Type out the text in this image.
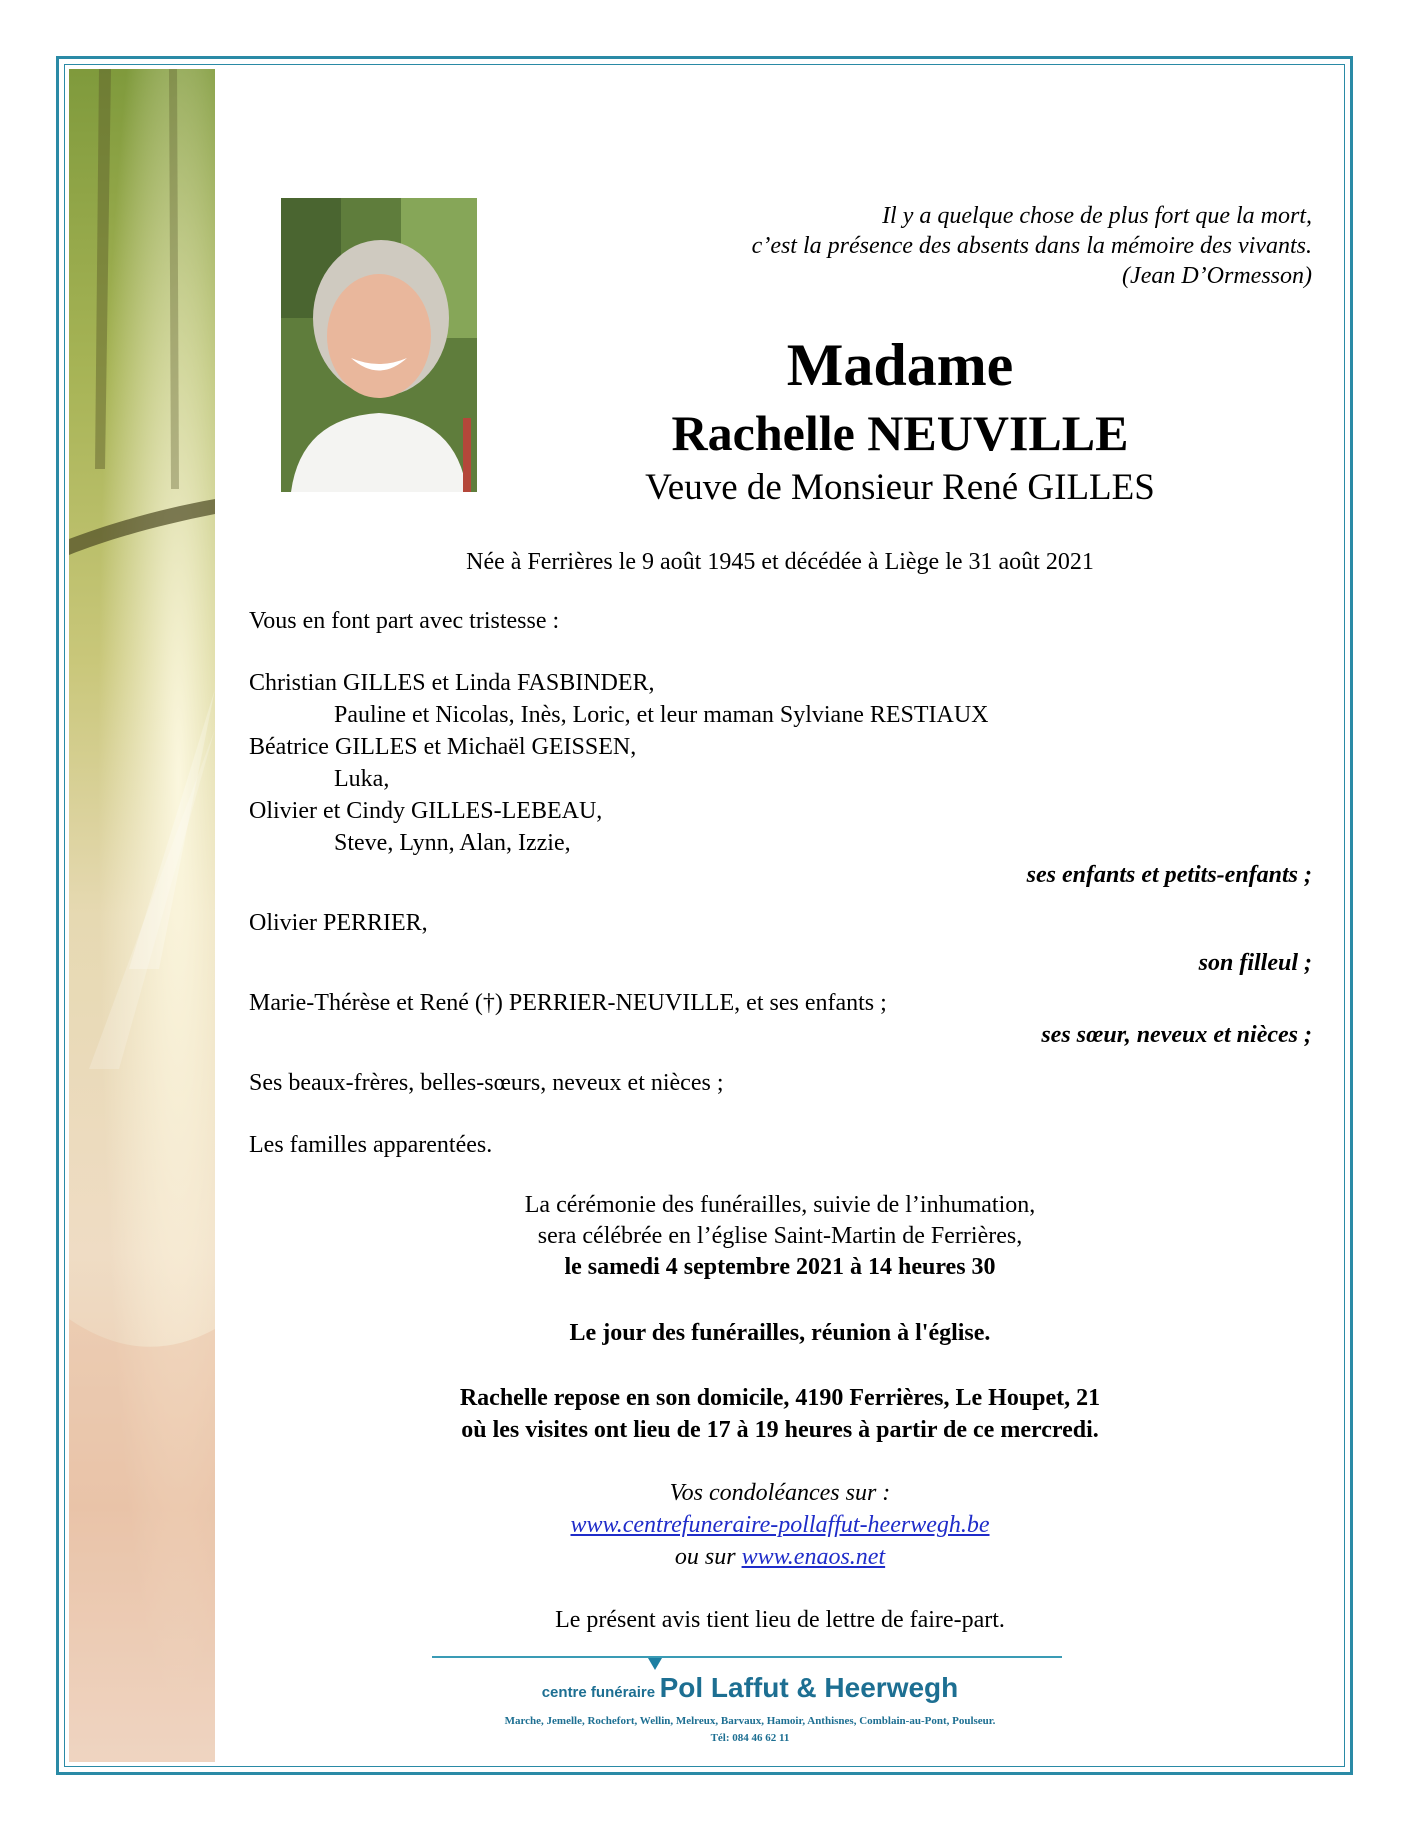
Il y a quelque chose de plus fort que la mort,
c’est la présence des absents dans la mémoire des vivants.
(Jean D’Ormesson)
Madame
Rachelle NEUVILLE
Veuve de Monsieur René GILLES
Née à Ferrières le 9 août 1945 et décédée à Liège le 31 août 2021
Vous en font part avec tristesse :
Christian GILLES et Linda FASBINDER,
Pauline et Nicolas, Inès, Loric, et leur maman Sylviane RESTIAUX
Béatrice GILLES et Michaël GEISSEN,
Luka,
Olivier et Cindy GILLES-LEBEAU,
Steve, Lynn, Alan, Izzie,
ses enfants et petits-enfants ;
Olivier PERRIER,
son filleul ;
Marie-Thérèse et René (†) PERRIER-NEUVILLE, et ses enfants ;
ses sœur, neveux et nièces ;
Ses beaux-frères, belles-sœurs, neveux et nièces ;
Les familles apparentées.
La cérémonie des funérailles, suivie de l’inhumation,
sera célébrée en l’église Saint-Martin de Ferrières,
le samedi 4 septembre 2021 à 14 heures 30
Le jour des funérailles, réunion à l'église.
Rachelle repose en son domicile, 4190 Ferrières, Le Houpet, 21
où les visites ont lieu de 17 à 19 heures à partir de ce mercredi.
Vos condoléances sur :
www.centrefuneraire-pollaffut-heerwegh.be
ou sur www.enaos.net
Le présent avis tient lieu de lettre de faire-part.
centre funéraire Pol Laffut & Heerwegh
Marche, Jemelle, Rochefort, Wellin, Melreux, Barvaux, Hamoir, Anthisnes, Comblain-au-Pont, Poulseur.
Tél: 084 46 62 11
